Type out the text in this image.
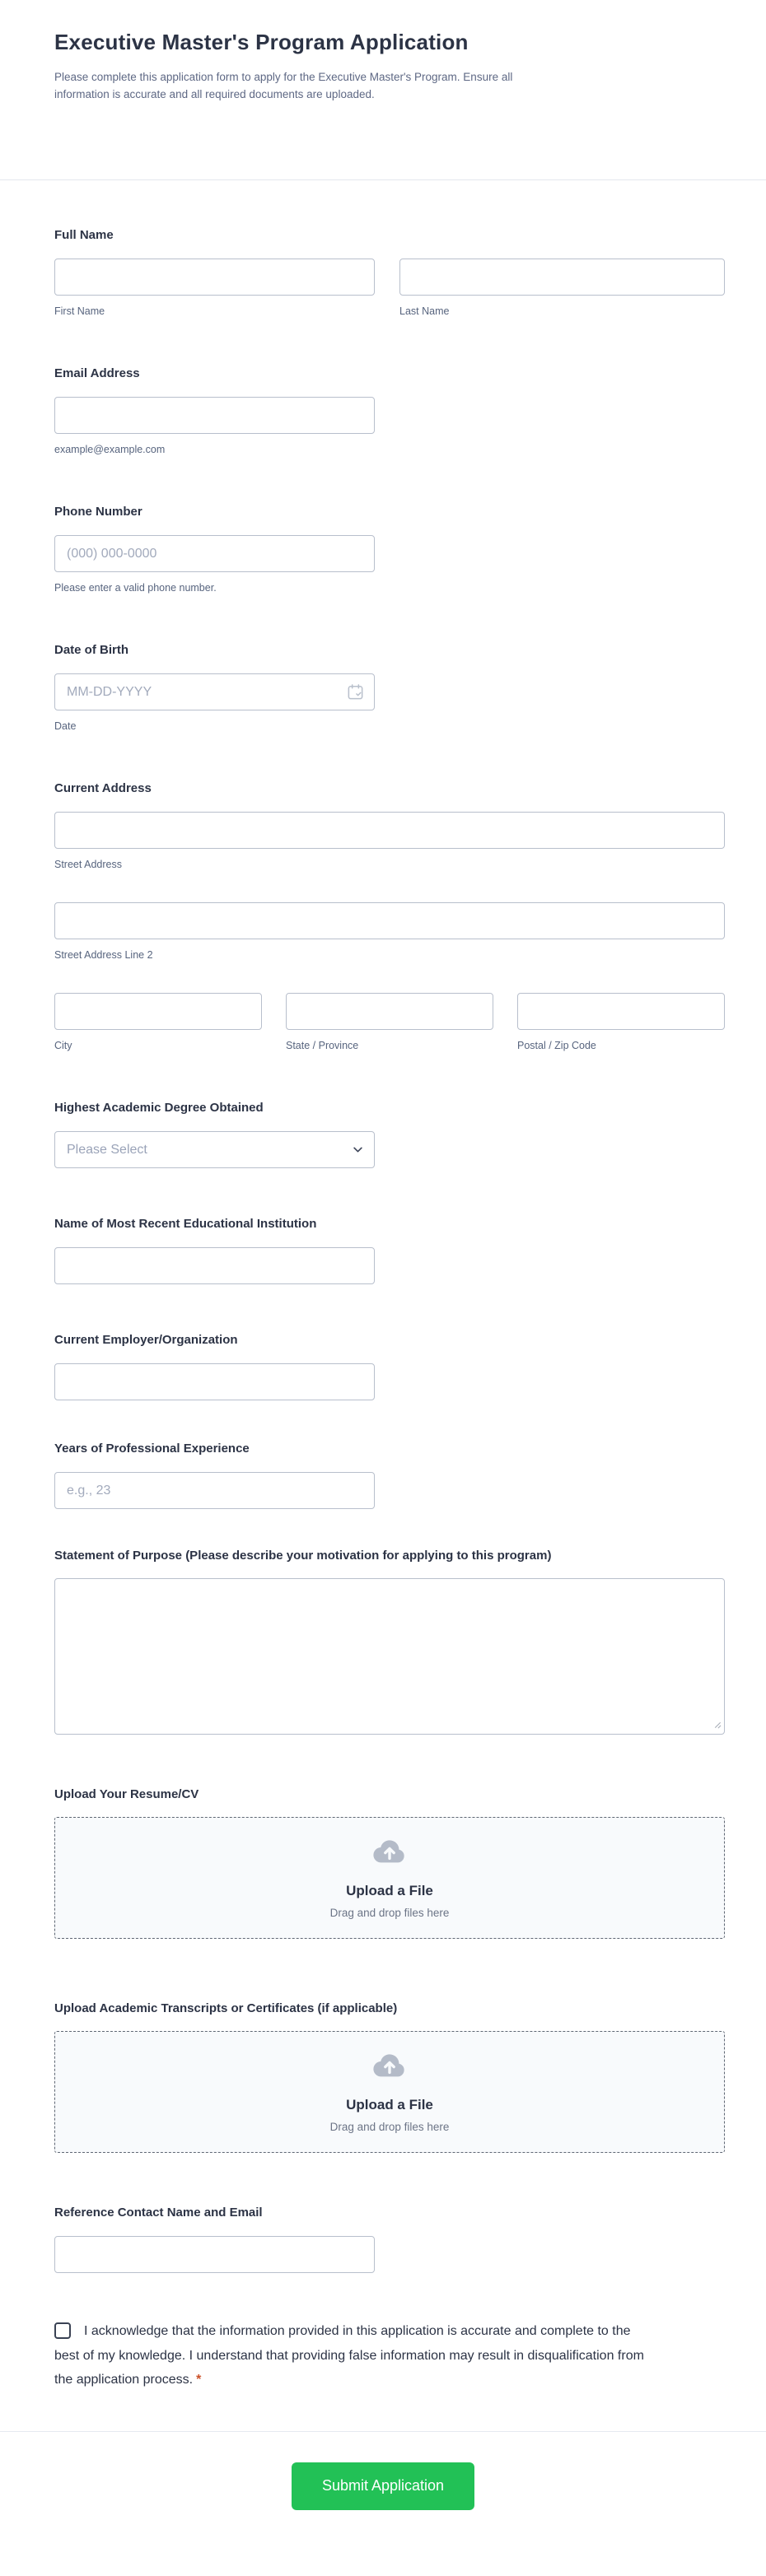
Executive Master's Program Application

Please complete this application form to apply for the Executive Master's Program. Ensure all information is accurate and all required documents are uploaded.

Full Name
First Name	Last Name
Email Address
example@example.com
Phone Number
(000) 000-0000
Please enter a valid phone number.
Date of Birth
MM-DD-YYYY
Date
Current Address
Street Address
Street Address Line 2
City	State / Province	Postal / Zip Code
Highest Academic Degree Obtained
Please Select
Name of Most Recent Educational Institution
Current Employer/Organization
Years of Professional Experience
e.g., 23
Statement of Purpose (Please describe your motivation for applying to this program)
Upload Your Resume/CV
Upload a File
Drag and drop files here
Upload Academic Transcripts or Certificates (if applicable)
Upload a File
Drag and drop files here
Reference Contact Name and Email
I acknowledge that the information provided in this application is accurate and complete to the best of my knowledge. I understand that providing false information may result in disqualification from the application process. *
Submit Application
